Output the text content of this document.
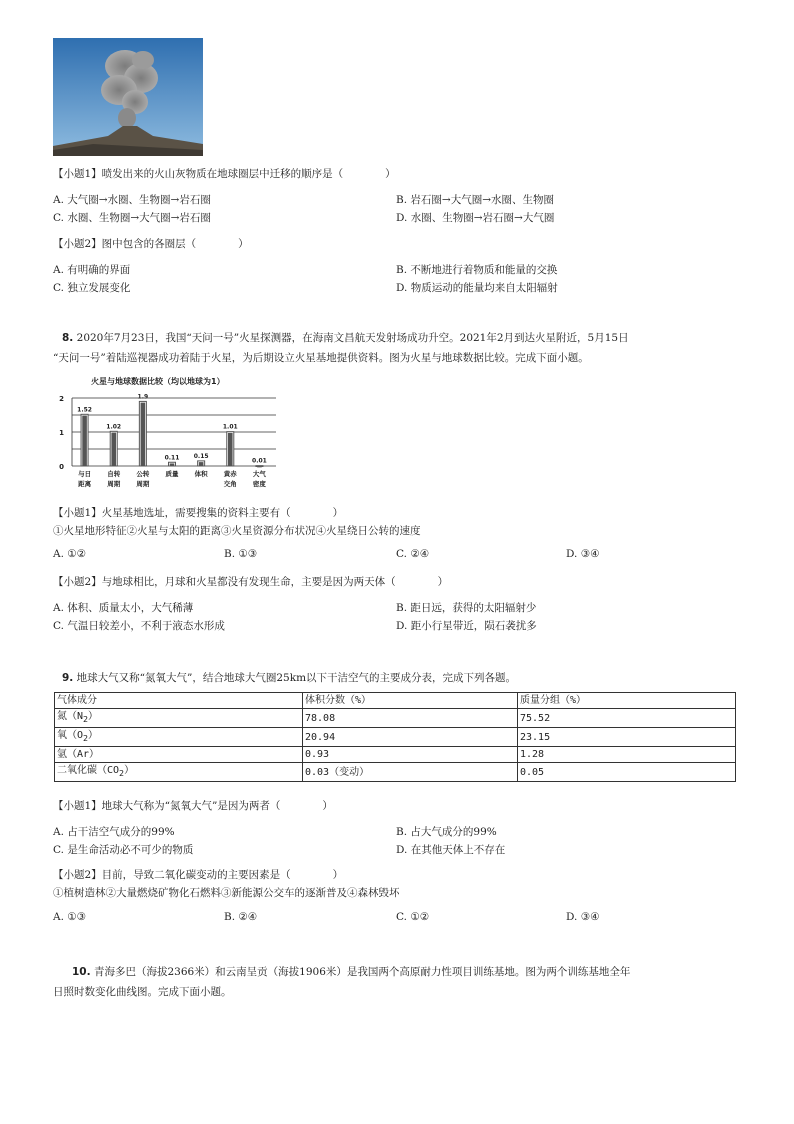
【小题1】喷发出来的火山灰物质在地球圈层中迁移的顺序是（　　　　）
A. 大气圈→水圈、生物圈→岩石圈	B. 岩石圈→大气圈→水圈、生物圈
C. 水圈、生物圈→大气圈→岩石圈	D. 水圈、生物圈→岩石圈→大气圈
【小题2】图中包含的各圈层（　　　　）
A. 有明确的界面	B. 不断地进行着物质和能量的交换
C. 独立发展变化	D. 物质运动的能量均来自太阳辐射
8. 2020年7月23日，我国“天问一号”火星探测器，在海南文昌航天发射场成功升空。2021年2月到达火星附近，5月15日
“天问一号”着陆巡视器成功着陆于火星，为后期设立火星基地提供资料。图为火星与地球数据比较。完成下面小题。
火星与地球数据比较（均以地球为1）
0
1
2
1.52
与日
距离
1.02
自转
周期
1.9
公转
周期
0.11
质量
0.15
体积
1.01
黄赤
交角
0.01
大气
密度
【小题1】火星基地选址，需要搜集的资料主要有（　　　　）
①火星地形特征②火星与太阳的距离③火星资源分布状况④火星绕日公转的速度
A. ①②	B. ①③	C. ②④	D. ③④
【小题2】与地球相比，月球和火星都没有发现生命，主要是因为两天体（　　　　）
A. 体积、质量太小，大气稀薄	B. 距日远，获得的太阳辐射少
C. 气温日较差小，不利于液态水形成	D. 距小行星带近，陨石袭扰多
9. 地球大气又称“氮氧大气”，结合地球大气圈25km以下干洁空气的主要成分表，完成下列各题。
气体成分	体积分数（%）	质量分组（%）
氮$(N_2)$	78.08	75.52
氧$(O_2)$	20.94	23.15
氩（Ar）	0.93	1.28
二氧化碳$(CO_2)$	0.03（变动）	0.05
【小题1】地球大气称为“氮氧大气”是因为两者（　　　　）
A. 占干洁空气成分的99%	B. 占大气成分的99%
C. 是生命活动必不可少的物质	D. 在其他天体上不存在
【小题2】目前，导致二氧化碳变动的主要因素是（　　　　）
①植树造林②大量燃烧矿物化石燃料③新能源公交车的逐渐普及④森林毁坏
A. ①③	B. ②④	C. ①②	D. ③④
10. 青海多巴（海拔2366米）和云南呈贡（海拔1906米）是我国两个高原耐力性项目训练基地。图为两个训练基地全年
日照时数变化曲线图。完成下面小题。
